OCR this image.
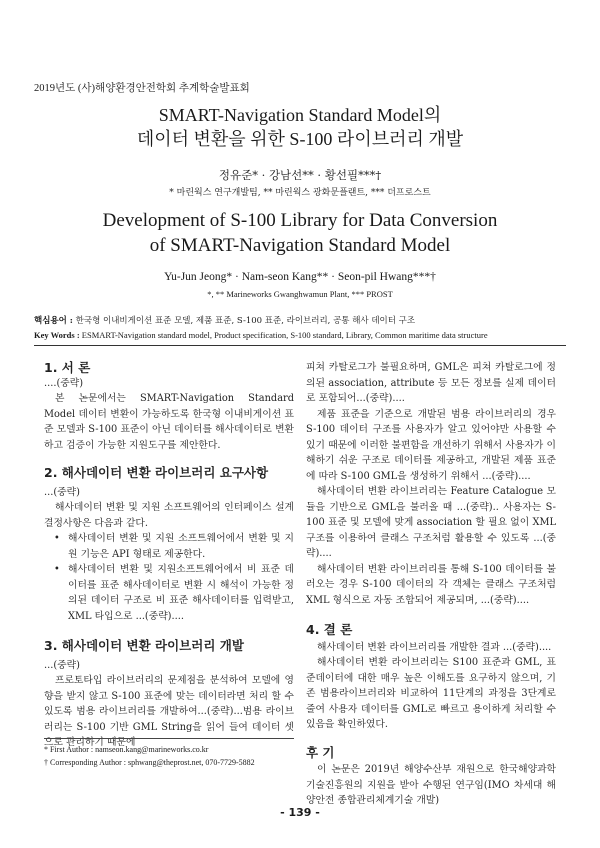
2019년도 (사)해양환경안전학회 추계학술발표회
SMART-Navigation Standard Model의
데이터 변환을 위한 S-100 라이브러리 개발
정유준* · 강남선** · 황선필***†
* 마린웍스 연구개발팀, ** 마린웍스 광화문플랜트, *** 더프로스트
Development of S-100 Library for Data Conversion
of SMART-Navigation Standard Model
Yu-Jun Jeong* · Nam-seon Kang** · Seon-pil Hwang***†
*, ** Marineworks Gwanghwamun Plant, *** PROST
핵심용어 : 한국형 이내비게이션 표준 모델, 제품 표준, S-100 표준, 라이브러리, 공통 해사 데이터 구조
Key Words : ESMART-Navigation standard model, Product specification, S-100 standard, Library, Common maritime data structure
1. 서 론

....(중략)

본 논문에서는 SMART-Navigation Standard Model 데이터 변환이 가능하도록 한국형 이내비게이션 표준 모델과 S-100 표준이 아닌 데이터를 해사데이터로 변환하고 검증이 가능한 지원도구를 제안한다.

2. 해사데이터 변환 라이브러리 요구사항

...(중략)

해사데이터 변환 및 지원 소프트웨어의 인터페이스 설계 결정사항은 다음과 같다.

• 해사데이터 변환 및 지원 소프트웨어에서 변환 및 지원 기능은 API 형태로 제공한다.
• 해사데이터 변환 및 지원소프트웨어에서 비 표준 데이터를 표준 해사데이터로 변환 시 해석이 가능한 정의된 데이터 구조로 비 표준 해사데이터를 입력받고, XML 타입으로 ...(중략)....
3. 해사데이터 변환 라이브러리 개발

...(중략)

프로토타입 라이브러리의 문제점을 분석하여 모델에 영향을 받지 않고 S-100 표준에 맞는 데이터라면 처리 할 수 있도록 범용 라이브러리를 개발하여...(중략)...범용 라이브러리는 S-100 기반 GML String을 읽어 들여 데이터 셋으로 관리하기 때문에

피쳐 카탈로그가 불필요하며, GML은 피쳐 카탈로그에 정의된 association, attribute 등 모든 정보를 실제 데이터로 포함되어...(중략)....

제품 표준을 기준으로 개발된 범용 라이브러리의 경우 S-100 데이터 구조를 사용자가 알고 있어야만 사용할 수 있기 때문에 이러한 불편함을 개선하기 위해서 사용자가 이해하기 쉬운 구조로 데이터를 제공하고, 개발된 제품 표준에 따라 S-100 GML을 생성하기 위해서 ...(중략)....

해사데이터 변환 라이브러리는 Feature Catalogue 모듈을 기반으로 GML을 불러올 때 ...(중략).. 사용자는 S-100 표준 및 모델에 맞게 association 할 필요 없이 XML 구조를 이용하여 클래스 구조처럼 활용할 수 있도록 ...(중략)....

해사데이터 변환 라이브러리를 통해 S-100 데이터를 불러오는 경우 S-100 데이터의 각 객체는 클래스 구조처럼 XML 형식으로 자동 조합되어 제공되며, ...(중략)....

4. 결 론

해사데이터 변환 라이브러리를 개발한 결과 ...(중략)....

해사데이터 변환 라이브러리는 S100 표준과 GML, 표준데이터에 대한 매우 높은 이해도를 요구하지 않으며, 기존 범용라이브러리와 비교하여 11단계의 과정을 3단계로 줄여 사용자 데이터를 GML로 빠르고 용이하게 처리할 수 있음을 확인하였다.

후 기

이 논문은 2019년 해양수산부 재원으로 한국해양과학기술진흥원의 지원을 받아 수행된 연구임(IMO 차세대 해양안전 종합관리체계기술 개발)

* First Author : namseon.kang@marineworks.co.kr
† Corresponding Author : sphwang@theprost.net, 070-7729-5882
- 139 -
